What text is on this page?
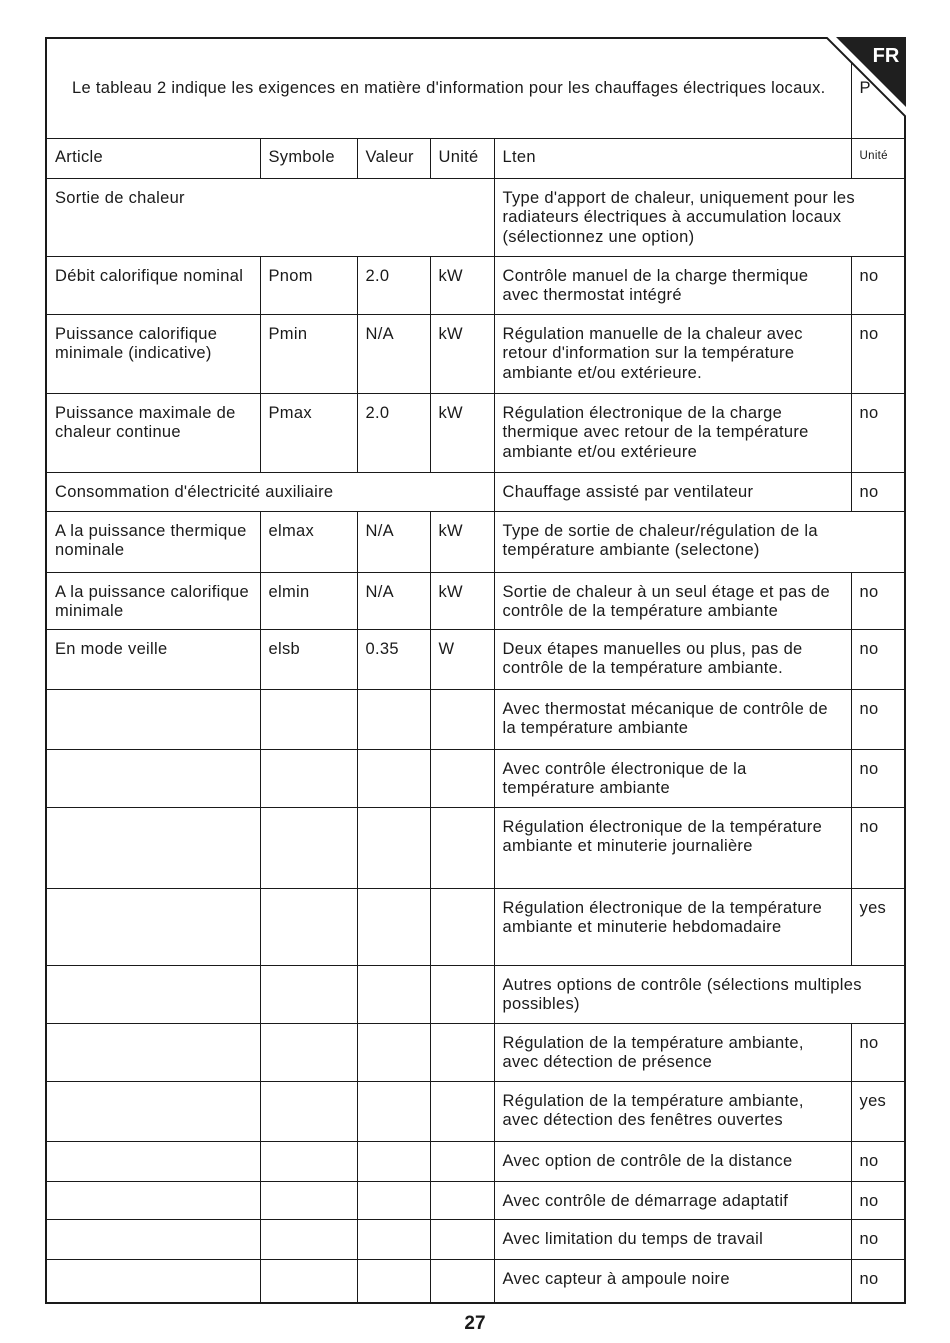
Le tableau 2 indique les exigences en matière d'information pour les chauffages électriques locaux.					P
Article	Symbole	Valeur	Unité	Lten	Unité
Sortie de chaleur				Type d'apport de chaleur, uniquement pour les radiateurs électriques à accumulation locaux (sélectionnez une option)	
Débit calorifique nominal	Pnom	2.0	kW	Contrôle manuel de la charge thermique avec thermostat intégré	no
Puissance calorifique minimale (indicative)	Pmin	N/A	kW	Régulation manuelle de la chaleur avec retour d'information sur la température ambiante et/ou extérieure.	no
Puissance maximale de chaleur continue	Pmax	2.0	kW	Régulation électronique de la charge thermique avec retour de la température ambiante et/ou extérieure	no
Consommation d'électricité auxiliaire				Chauffage assisté par ventilateur	no
A la puissance thermique nominale	elmax	N/A	kW	Type de sortie de chaleur/régulation de la température ambiante (selectone)	
A la puissance calorifique minimale	elmin	N/A	kW	Sortie de chaleur à un seul étage et pas de contrôle de la température ambiante	no
En mode veille	elsb	0.35	W	Deux étapes manuelles ou plus, pas de contrôle de la température ambiante.	no
				Avec thermostat mécanique de contrôle de la température ambiante	no
				Avec contrôle électronique de la température ambiante	no
				Régulation électronique de la température ambiante et minuterie journalière	no
				Régulation électronique de la température ambiante et minuterie hebdomadaire	yes
				Autres options de contrôle (sélections multiples possibles)	
				Régulation de la température ambiante, avec détection de présence	no
				Régulation de la température ambiante, avec détection des fenêtres ouvertes	yes
				Avec option de contrôle de la distance	no
				Avec contrôle de démarrage adaptatif	no
				Avec limitation du temps de travail	no
				Avec capteur à ampoule noire	no
FR
27
